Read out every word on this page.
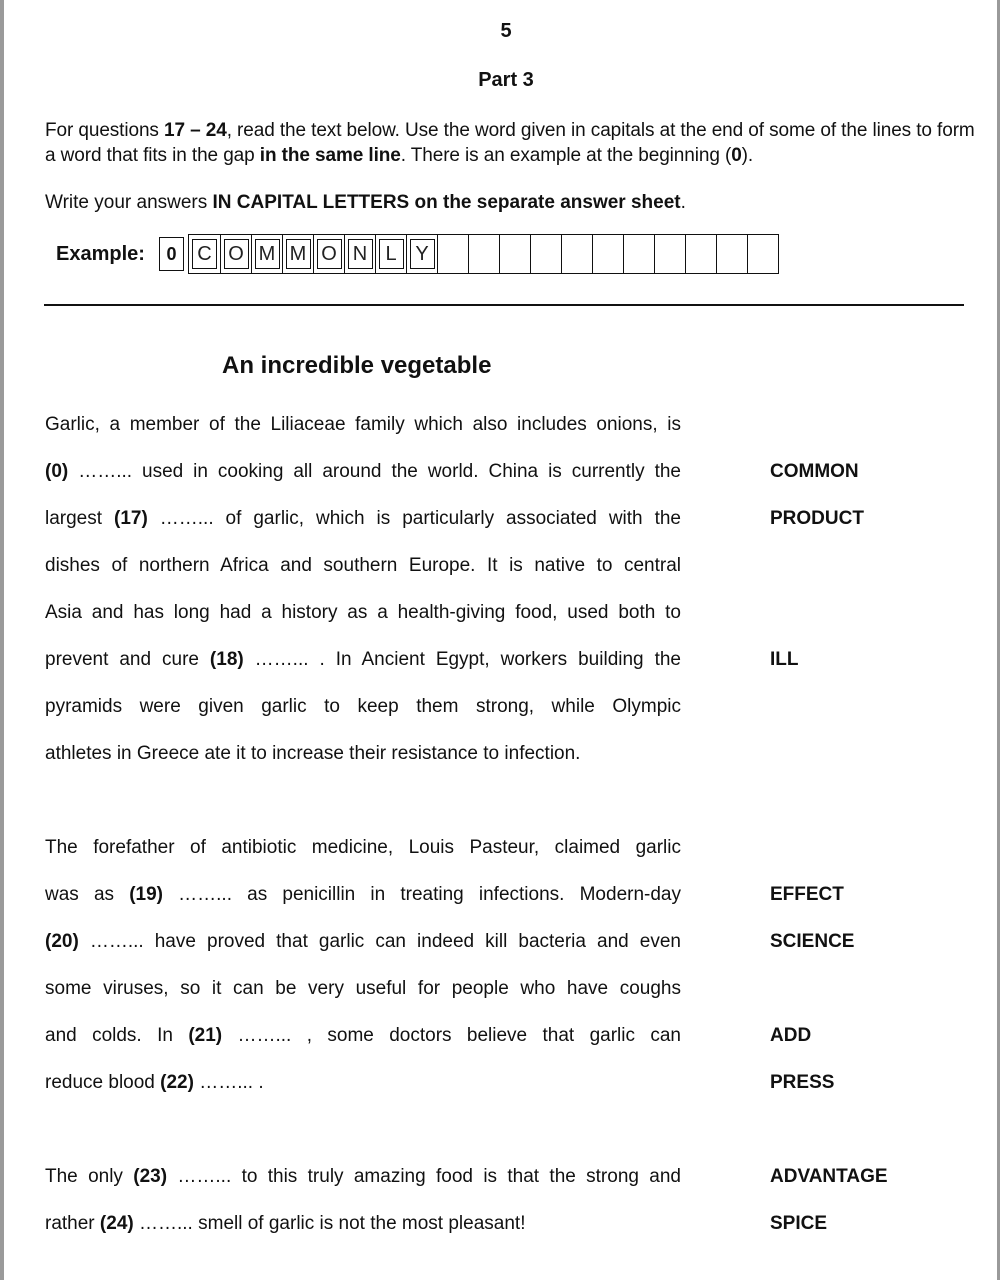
5
Part 3

For questions 17 – 24, read the text below. Use the word given in capitals at the end of some of the lines to form a word that fits in the gap in the same line. There is an example at the beginning (0).

Write your answers IN CAPITAL LETTERS on the separate answer sheet.

Example:	0	C O M M O N L Y
An incredible vegetable
Garlic, a member of the Liliaceae family which also includes onions, is
(0) ……... used in cooking all around the world. China is currently the	COMMON
largest (17) ……... of garlic, which is particularly associated with the	PRODUCT
dishes of northern Africa and southern Europe. It is native to central
Asia and has long had a history as a health-giving food, used both to
prevent and cure (18) ……... . In Ancient Egypt, workers building the	ILL
pyramids were given garlic to keep them strong, while Olympic
athletes in Greece ate it to increase their resistance to infection.
The forefather of antibiotic medicine, Louis Pasteur, claimed garlic
was as (19) ……... as penicillin in treating infections. Modern-day	EFFECT
(20) ……... have proved that garlic can indeed kill bacteria and even	SCIENCE
some viruses, so it can be very useful for people who have coughs
and colds. In (21) ……... , some doctors believe that garlic can	ADD
reduce blood (22) ……... .	PRESS
The only (23) ……... to this truly amazing food is that the strong and	ADVANTAGE
rather (24) ……... smell of garlic is not the most pleasant!	SPICE
